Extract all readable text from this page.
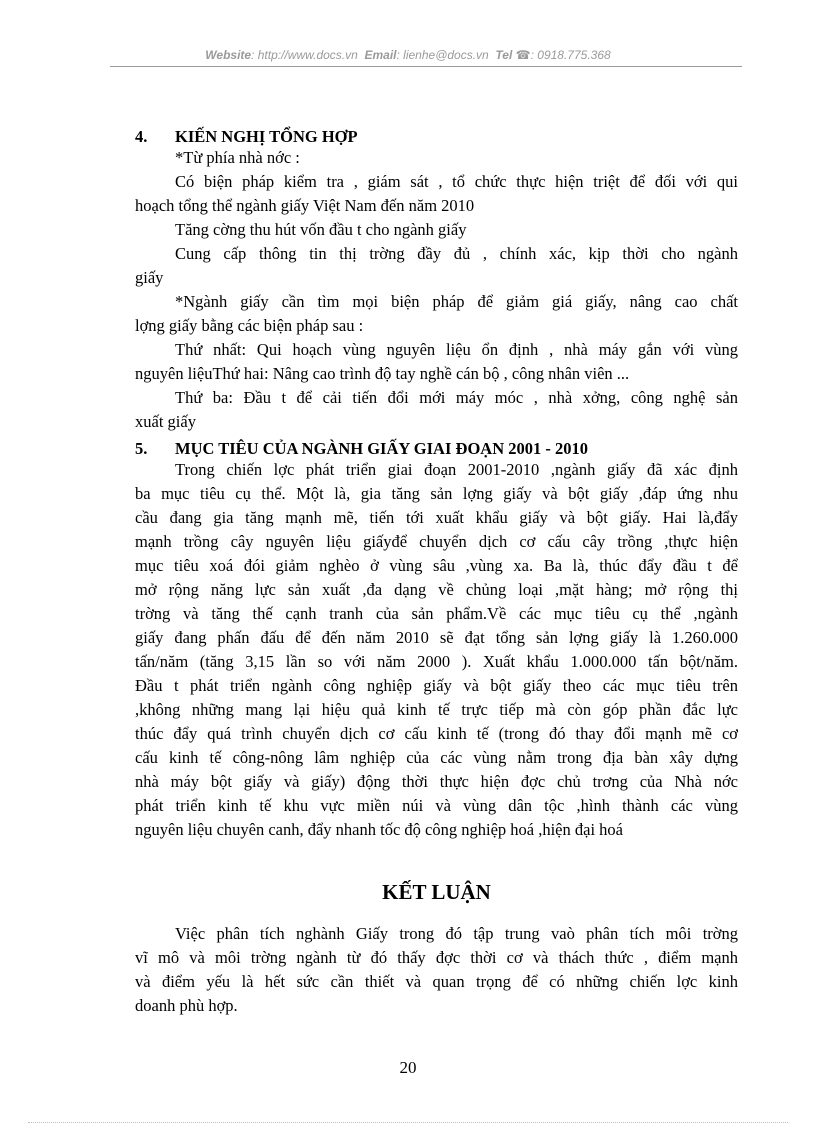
Website: http://www.docs.vn Email: lienhe@docs.vn Tel ☎: 0918.775.368
4.	KIẾN NGHỊ TỔNG HỢP
*Từ phía nhà nớc :
Có biện pháp kiểm tra , giám sát , tổ chức thực hiện triệt để đối với qui
hoạch tổng thể ngành giấy Việt Nam đến năm 2010
Tăng cờng thu hút vốn đầu t cho ngành giấy
Cung cấp thông tin thị trờng đầy đủ , chính xác, kịp thời cho ngành
giấy
*Ngành giấy cần tìm mọi biện pháp để giảm giá giấy, nâng cao chất
lợng giấy bằng các biện pháp sau :
Thứ nhất: Qui hoạch vùng nguyên liệu ổn định , nhà máy gắn với vùng
nguyên liệuThứ hai: Nâng cao trình độ tay nghề cán bộ , công nhân viên ...
Thứ ba: Đầu t để cải tiến đổi mới máy móc , nhà xởng, công nghệ sản
xuất giấy
5.	MỤC TIÊU CỦA NGÀNH GIẤY GIAI ĐOẠN 2001 - 2010
Trong chiến lợc phát triển giai đoạn 2001-2010 ,ngành giấy đã xác định
ba mục tiêu cụ thể. Một là, gia tăng sản lợng giấy và bột giấy ,đáp ứng nhu
cầu đang gia tăng mạnh mẽ, tiến tới xuất khẩu giấy và bột giấy. Hai là,đẩy
mạnh trồng cây nguyên liệu giấyđể chuyển dịch cơ cấu cây trồng ,thực hiện
mục tiêu xoá đói giảm nghèo ở vùng sâu ,vùng xa. Ba là, thúc đẩy đầu t để
mở rộng năng lực sản xuất ,đa dạng về chủng loại ,mặt hàng; mở rộng thị
trờng và tăng thế cạnh tranh của sản phẩm.Về các mục tiêu cụ thể ,ngành
giấy đang phấn đấu để đến năm 2010 sẽ đạt tổng sản lợng giấy là 1.260.000
tấn/năm (tăng 3,15 lần so với năm 2000 ). Xuất khẩu 1.000.000 tấn bột/năm.
Đầu t phát triển ngành công nghiệp giấy và bột giấy theo các mục tiêu trên
,không những mang lại hiệu quả kinh tế trực tiếp mà còn góp phần đắc lực
thúc đẩy quá trình chuyển dịch cơ cấu kinh tế (trong đó thay đổi mạnh mẽ cơ
cấu kinh tế công-nông lâm nghiệp của các vùng nằm trong địa bàn xây dựng
nhà máy bột giấy và giấy) động thời thực hiện đợc chủ trơng của Nhà nớc
phát triển kinh tế khu vực miền núi và vùng dân tộc ,hình thành các vùng
nguyên liệu chuyên canh, đẩy nhanh tốc độ công nghiệp hoá ,hiện đại hoá
KẾT LUẬN
Việc phân tích nghành Giấy trong đó tập trung vaò phân tích môi trờng
vĩ mô và môi trờng ngành từ đó thấy đợc thời cơ và thách thức , điểm mạnh
và điểm yếu là hết sức cần thiết và quan trọng để có những chiến lợc kinh
doanh phù hợp.
20
